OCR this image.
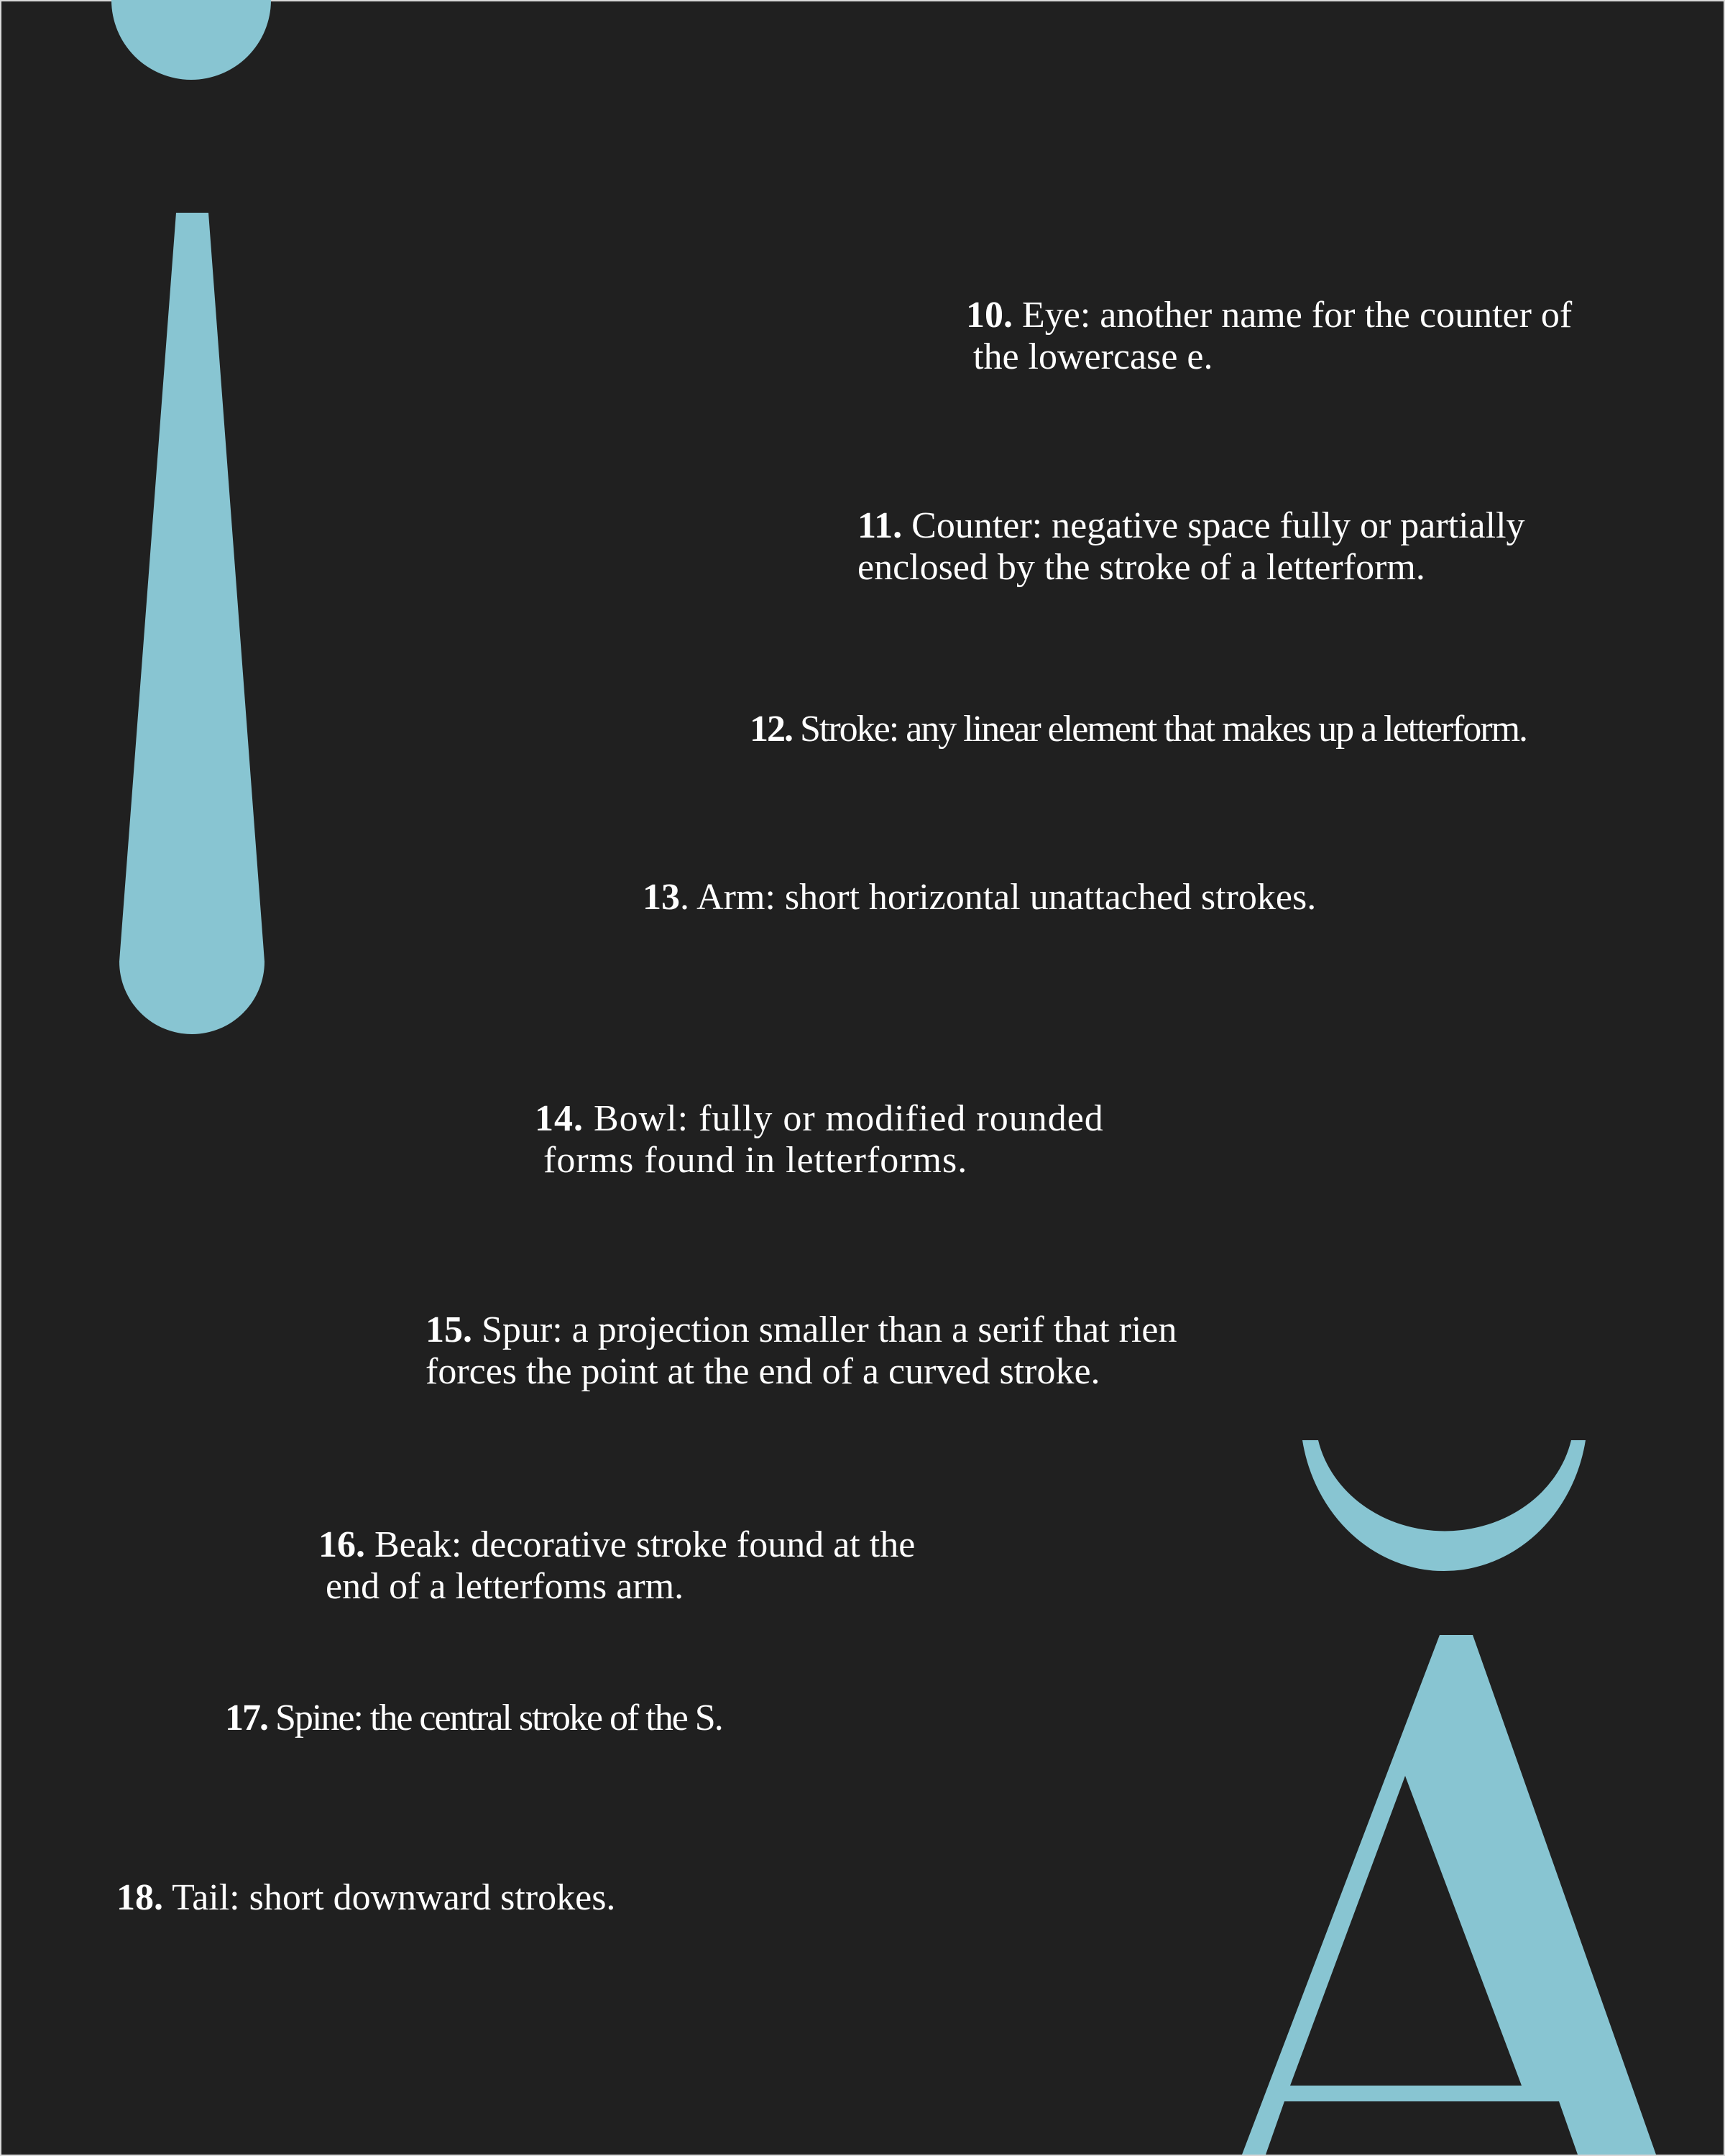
10. Eye: another name for the counter of
the lowercase e.

11. Counter: negative space fully or partially
enclosed by the stroke of a letterform.

12. Stroke: any linear element that makes up a letterform.

13. Arm: short horizontal unattached strokes.

14. Bowl: fully or modified rounded
forms found in letterforms.

15. Spur: a projection smaller than a serif that rien
forces the point at the end of a curved stroke.

16. Beak: decorative stroke found at the
end of a letterfoms arm.

17. Spine: the central stroke of the S.

18. Tail: short downward strokes.
